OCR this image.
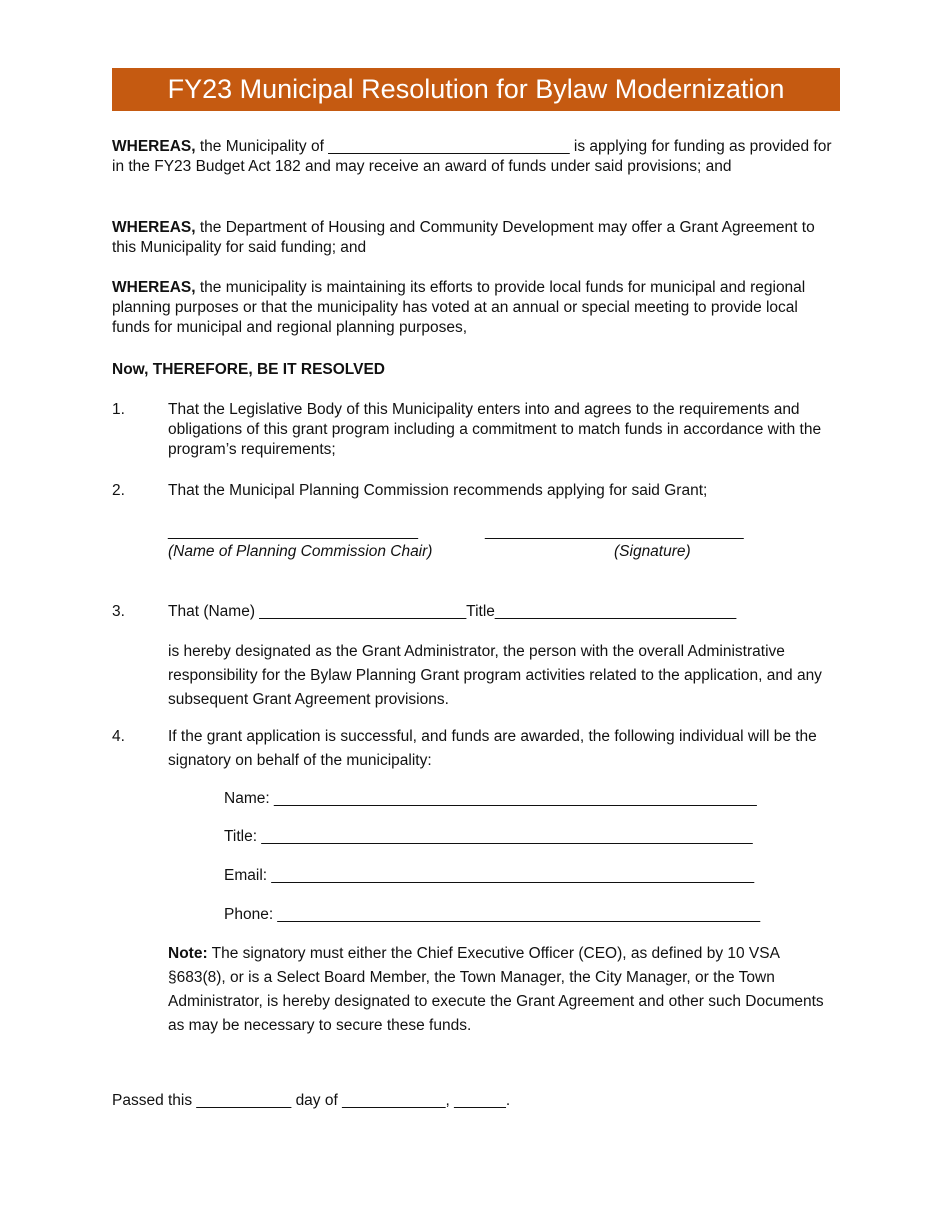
FY23 Municipal Resolution for Bylaw Modernization
WHEREAS, the Municipality of ____________________________ is applying for funding as provided for in the FY23 Budget Act 182 and may receive an award of funds under said provisions; and
WHEREAS, the Department of Housing and Community Development may offer a Grant Agreement to this Municipality for said funding; and
WHEREAS, the municipality is maintaining its efforts to provide local funds for municipal and regional planning purposes or that the municipality has voted at an annual or special meeting to provide local funds for municipal and regional planning purposes,
Now, THEREFORE, BE IT RESOLVED
1.	That the Legislative Body of this Municipality enters into and agrees to the requirements and obligations of this grant program including a commitment to match funds in accordance with the program’s requirements;
2.	That the Municipal Planning Commission recommends applying for said Grant;
_____________________________	______________________________
(Name of Planning Commission Chair)	(Signature)
3.	That (Name) ________________________Title____________________________
is hereby designated as the Grant Administrator, the person with the overall Administrative responsibility for the Bylaw Planning Grant program activities related to the application, and any subsequent Grant Agreement provisions.
4.	If the grant application is successful, and funds are awarded, the following individual will be the signatory on behalf of the municipality:
Name: ________________________________________________________
Title: _________________________________________________________
Email: ________________________________________________________
Phone: ________________________________________________________
Note: The signatory must either the Chief Executive Officer (CEO), as defined by 10 VSA §683(8), or is a Select Board Member, the Town Manager, the City Manager, or the Town Administrator, is hereby designated to execute the Grant Agreement and other such Documents as may be necessary to secure these funds.
Passed this ___________ day of ____________, ______.
